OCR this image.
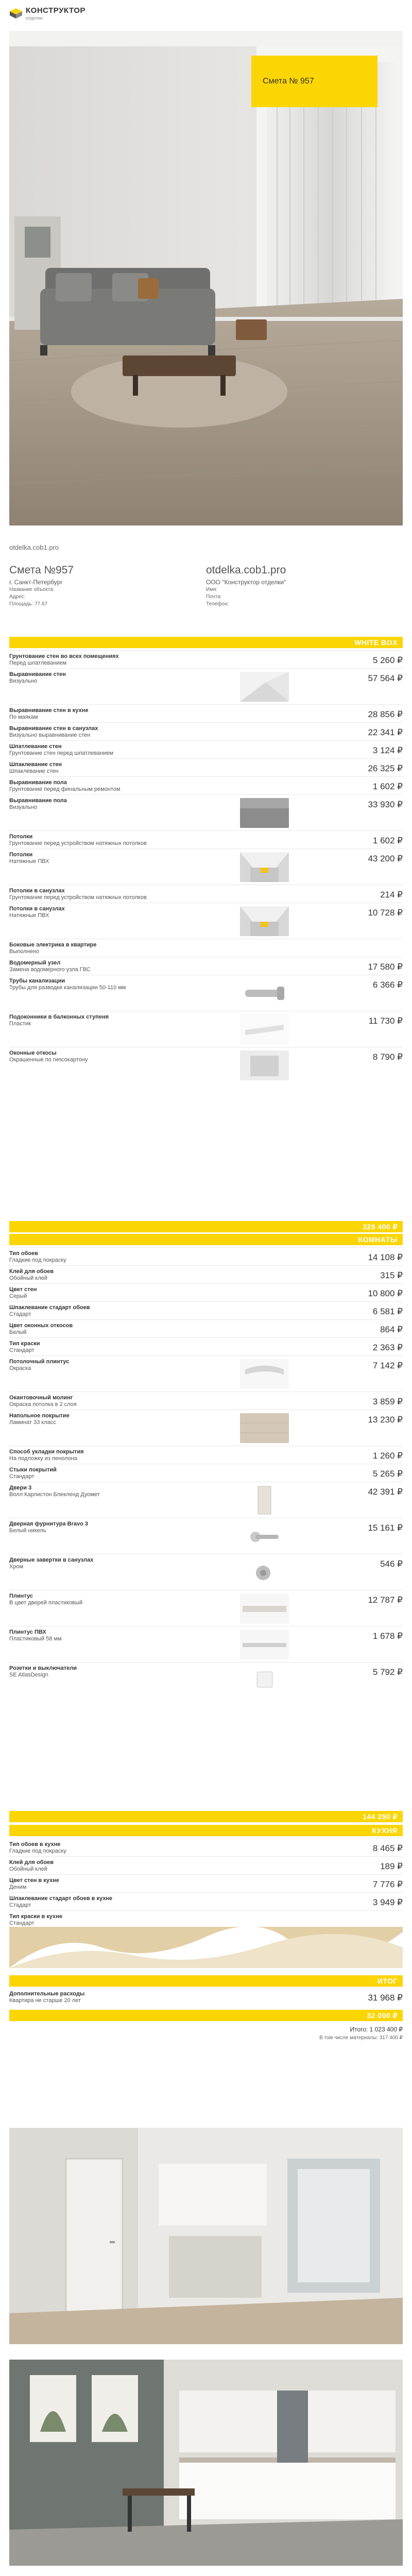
КОНСТРУКТОР
отделки
Смета № 957
otdelka.cob1.pro
Смета №957
г. Санкт-Петербург
Название объекта:
Адрес:
Площадь: 77.67
otdelka.cob1.pro
ООО "Конструктор отделки"
Имя:
Почта:
Телефон:
WHITE BOX
Грунтование стен во всех помещениях
Перед шпатлеванием	5 260 ₽
Выравнивание стен
Визуально	57 564 ₽
Выравнивание стен в кухне
По маякам	28 856 ₽
Выравнивание стен в санузлах
Визуально выравнивание стен	22 341 ₽
Шпатлевание стен
Грунтование стен перед шпатлеванием	3 124 ₽
Шпаклевание стен
Шпаклевание стен	26 325 ₽
Выравнивание пола
Грунтование перед финальным ремонтом	1 602 ₽
Выравнивание пола
Визуально	33 930 ₽
Потолки
Грунтование перед устройством натяжных потолков	1 602 ₽
Потолки
Натяжные ПВХ	43 200 ₽
Потолки в санузлах
Грунтование перед устройством натяжных потолков	214 ₽
Потолки в санузлах
Натяжные ПВХ	10 728 ₽
Боковые электрика в квартире
Выполнено
Водомерный узел
Замена водомерного узла ГВС	17 580 ₽
Трубы канализации
Трубы для разводки канализации 50-110 мм	6 366 ₽
Подоконники в балконных ступеня
Пластик	11 730 ₽
Оконные откосы
Окрашенные по гипсокартону	8 790 ₽
329 400 ₽
КОМНАТЫ
Тип обоев
Гладкие под покраску	14 108 ₽
Клей для обоев
Обойный клей	315 ₽
Цвет стен
Серый	10 800 ₽
Шпаклевание стадарт обоев
Стадарт	6 581 ₽
Цвет оконных откосов
Белый	864 ₽
Тип краски
Стандарт	2 363 ₽
Потолочный плинтус
Окраска	7 142 ₽
Окантовочный молинг
Окраска потолка в 2 слоя	3 859 ₽
Напольное покрытие
Ламинат 33 класс	13 230 ₽
Способ укладки покрытия
На подложку из пенолона	1 260 ₽
Стыки покрытий
Стандарт	5 265 ₽
Двери 3
Волл Карлистон Блекленд Дуомет	42 391 ₽
Дверная фурнитура Bravo 3
Белый никель	15 161 ₽
Дверные завертки в санузлах
Хром	546 ₽
Плинтус
В цвет дверей пластиковый	12 787 ₽
Плинтус ПВХ
Пластиковый 58 мм	1 678 ₽
Розетки и выключатели
SE AtlasDesign	5 792 ₽
144 290 ₽
КУХНЯ
Тип обоев в кухне
Гладкие под покраску	8 465 ₽
Клей для обоев
Обойный клей	189 ₽
Цвет стен в кухне
Деним	7 776 ₽
Шпаклевание стадарт обоев в кухне
Стадарт	3 949 ₽
Тип краски в кухне
Стандарт
ИТОГ
Дополнительные расходы
Квартира не старше 20 лет	31 968 ₽
32 000 ₽
Итого: 1 023 400 ₽
В том числе материалы: 317 400 ₽
